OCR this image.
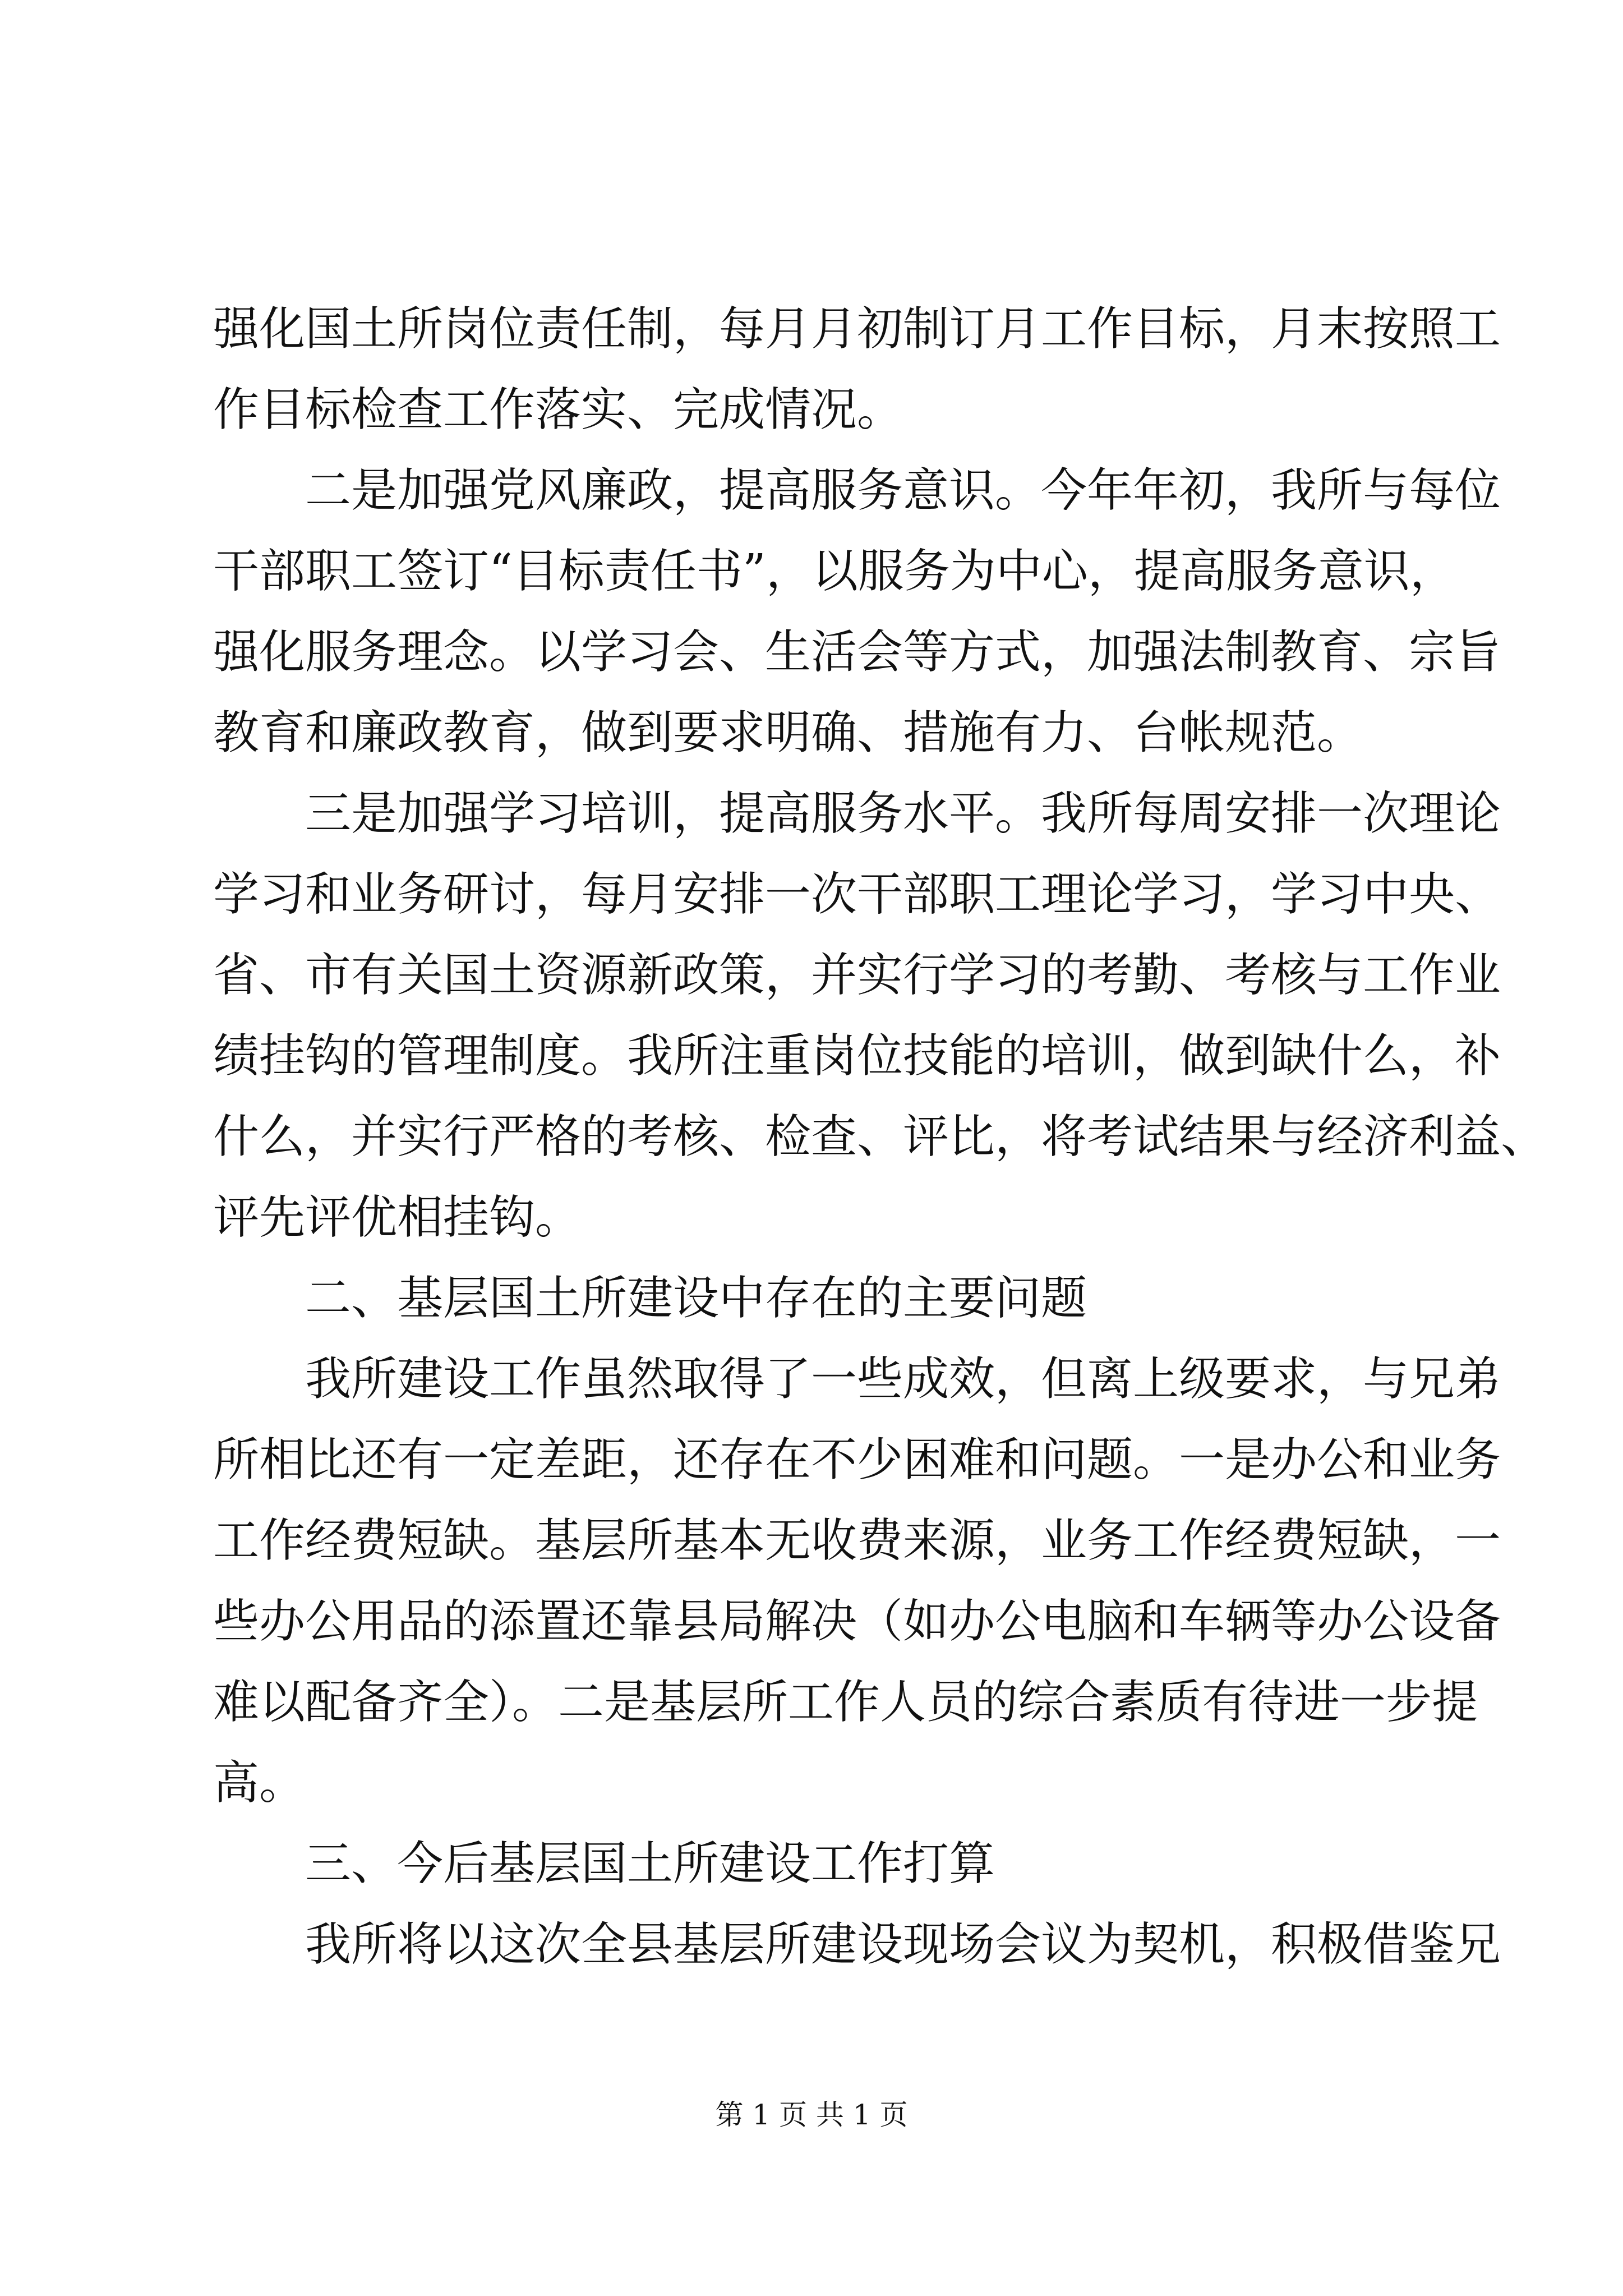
强化国土所岗位责任制，每月月初制订月工作目标，月末按照工
作目标检查工作落实、完成情况。
二是加强党风廉政，提高服务意识。今年年初，我所与每位
干部职工签订“目标责任书”，以服务为中心，提高服务意识，
强化服务理念。以学习会、生活会等方式，加强法制教育、宗旨
教育和廉政教育，做到要求明确、措施有力、台帐规范。
三是加强学习培训，提高服务水平。我所每周安排一次理论
学习和业务研讨，每月安排一次干部职工理论学习，学习中央、
省、市有关国土资源新政策，并实行学习的考勤、考核与工作业
绩挂钩的管理制度。我所注重岗位技能的培训，做到缺什么，补
什么，并实行严格的考核、检查、评比，将考试结果与经济利益、
评先评优相挂钩。
二、基层国土所建设中存在的主要问题
我所建设工作虽然取得了一些成效，但离上级要求，与兄弟
所相比还有一定差距，还存在不少困难和问题。一是办公和业务
工作经费短缺。基层所基本无收费来源，业务工作经费短缺，一
些办公用品的添置还靠县局解决（如办公电脑和车辆等办公设备
难以配备齐全）。二是基层所工作人员的综合素质有待进一步提
高。
三、今后基层国土所建设工作打算
我所将以这次全县基层所建设现场会议为契机，积极借鉴兄
第 1 页 共 1 页
